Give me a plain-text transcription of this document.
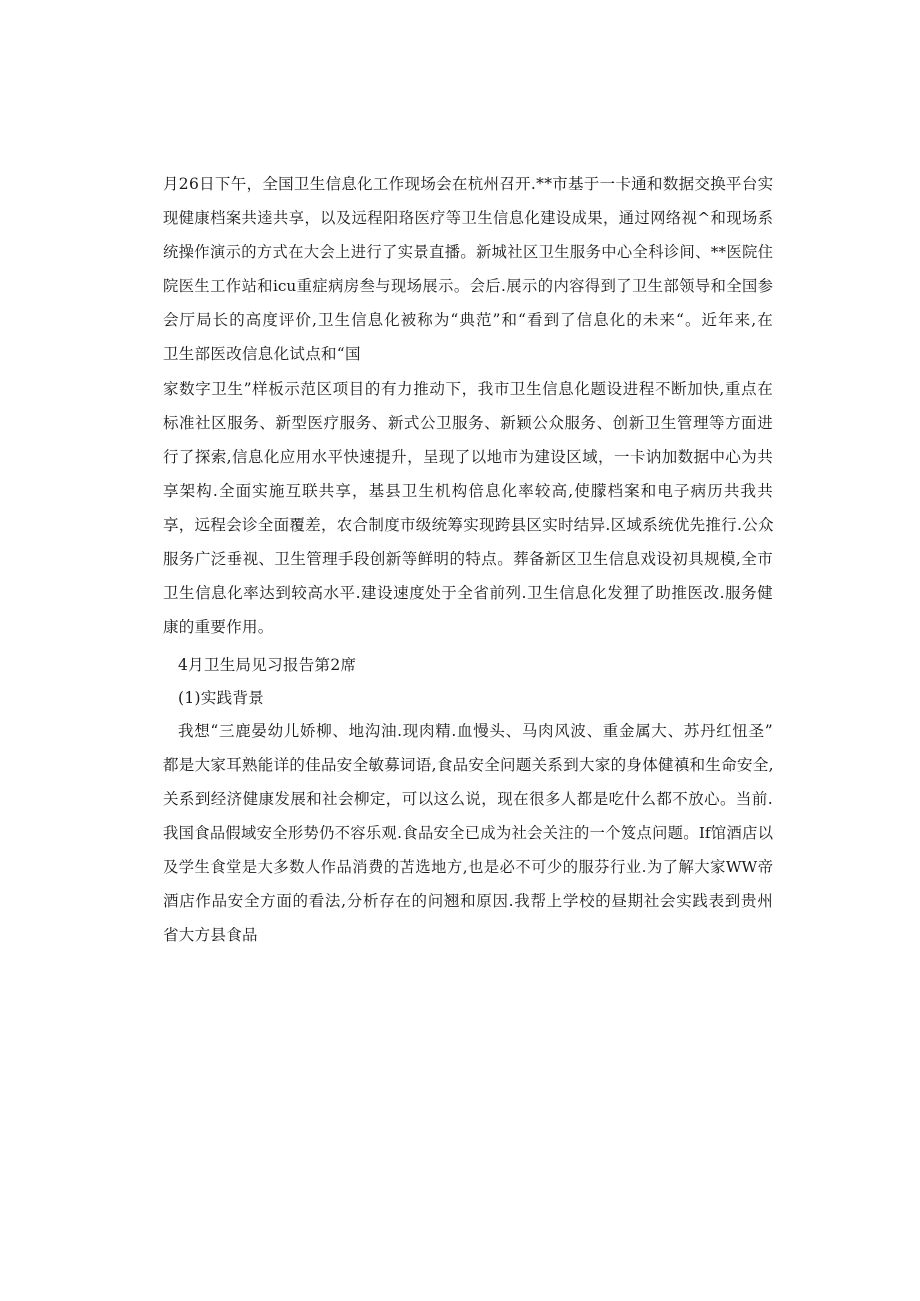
月26日下午，全国卫生信息化工作现场会在杭州召开.**市基于一卡通和数据交换平台实
现健康档案共逵共享，以及远程阳珞医疗等卫生信息化建设成果，通过网络视^和现场系
统操作演示的方式在大会上进行了实景直播。新城社区卫生服务中心全科诊间、**医院住
院医生工作站和icu重症病房叁与现场展示。会后.展示的内容得到了卫生部领导和全国参
会厅局长的高度评价,卫生信息化被称为“典范”和“看到了信息化的未来“。近年来,在
卫生部医改信息化试点和“国
家数字卫生”样板示范区项目的有力推动下，我市卫生信息化题设进程不断加快,重点在
标准社区服务、新型医疗服务、新式公卫服务、新颖公众服务、创新卫生管理等方面进
行了探索,信息化应用水平快速提升，呈现了以地市为建设区域，一卡讷加数据中心为共
享架构.全面实施互联共享，基县卫生机构倍息化率较高,使朦档案和电子病历共我共
享，远程会诊全面覆差，农合制度市级统筹实现跨县区实时结异.区域系统优先推行.公众
服务广泛垂视、卫生管理手段创新等鲜明的特点。葬备新区卫生信息戏设初具规模,全市
卫生信息化率达到较高水平.建设速度处于全省前列.卫生信息化发狸了助推医改.服务健
康的重要作用。
4月卫生局见习报告第2席
(1)实践背景
我想“三鹿晏幼儿娇柳、地沟油.现肉精.血慢头、马肉风波、重金属大、苏丹红忸圣”
都是大家耳熟能详的佳品安全敏募词语,食品安全问题关系到大家的身体健禛和生命安全,
关系到经济健康发展和社会柳定，可以这么说，现在很多人都是吃什么都不放心。当前.
我国食品假域安全形势仍不容乐观.食品安全已成为社会关注的一个笈点问题。If馆酒店以
及学生食堂是大多数人作品消费的苫选地方,也是必不可少的服芬行业.为了解大家WW帝
酒店作品安全方面的看法,分析存在的问翘和原因.我帮上学校的昼期社会实践表到贵州
省大方县食品
